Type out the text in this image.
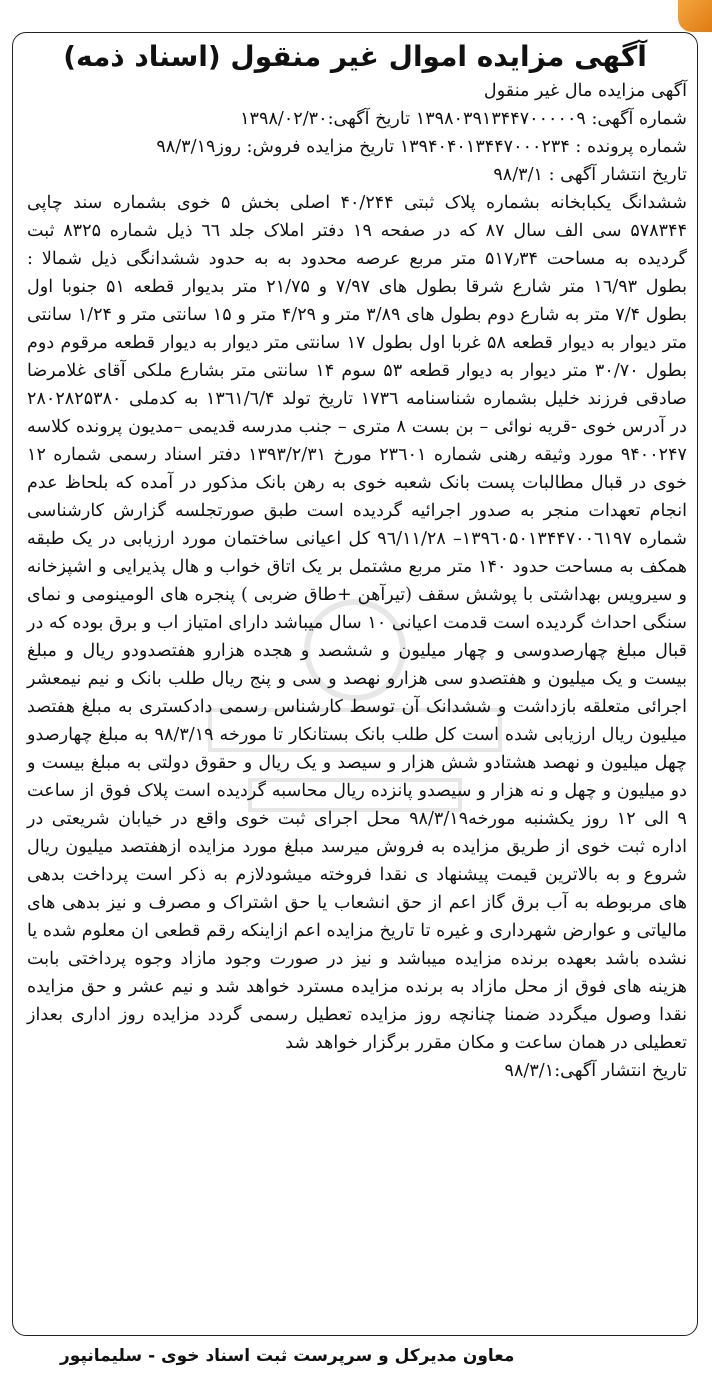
آگهی مزایده اموال غیر منقول (اسناد ذمه)

آگهی مزایده مال غیر منقول

شماره آگهی: ۱۳۹۸۰۳۹۱۳۴۴۷۰۰۰۰۰۹ تاریخ آگهی:۱۳۹۸/۰۲/۳۰

شماره پرونده : ۱۳۹۴۰۴۰۱۳۴۴۷۰۰۰۲۳۴ تاریخ مزایده فروش: روز۹۸/۳/۱۹

تاریخ انتشار آگهی : ۹۸/۳/۱

ششدانگ یکبابخانه بشماره پلاک ثبتی ۴۰/۲۴۴ اصلی بخش ۵ خوی بشماره سند چاپی ۵۷۸۳۴۴ سی الف سال ۸۷ که در صفحه ۱۹ دفتر املاک جلد ٦٦ ذیل شماره ۸۳۲۵ ثبت گردیده به مساحت ۵۱۷٫۳۴ متر مربع عرصه محدود به به حدود ششدانگی ذیل شمالا : بطول ۱٦/۹۳ متر شارع شرقا بطول های ۷/۹۷ و ۲۱/۷۵ متر بدیوار قطعه ۵۱ جنوبا اول بطول ۷/۴ متر به شارع دوم بطول های ۳/۸۹ متر و ۴/۲۹ متر و ۱۵ سانتی متر و ۱/۲۴ سانتی متر دیوار به دیوار قطعه ۵۸ غربا اول بطول ۱۷ سانتی متر دیوار به دیوار قطعه مرقوم دوم بطول ۳۰/۷۰ متر دیوار به دیوار قطعه ۵۳ سوم ۱۴ سانتی متر بشارع ملکی آقای غلامرضا صادقی فرزند خلیل بشماره شناسنامه ۱۷۳٦ تاریخ تولد ۱۳٦۱/٦/۴ به کدملی ۲۸۰۲۸۲۵۳۸۰ در آدرس خوی -قریه نوائی – بن بست ۸ متری – جنب مدرسه قدیمی –مدیون پرونده کلاسه ۹۴۰۰۲۴۷ مورد وثیقه رهنی شماره ۲۳٦۰۱ مورخ ۱۳۹۳/۲/۳۱ دفتر اسناد رسمی شماره ۱۲ خوی در قبال مطالبات پست بانک شعبه خوی به رهن بانک مذکور در آمده که بلحاظ عدم انجام تعهدات منجر به صدور اجرائیه گردیده است طبق صورتجلسه گزارش کارشناسی شماره ۱۳۹٦۰۵۰۱۳۴۴۷۰۰٦۱۹۷– ۹٦/۱۱/۲۸ کل اعیانی ساختمان مورد ارزیابی در یک طبقه همکف به مساحت حدود ۱۴۰ متر مربع مشتمل بر یک اتاق خواب و هال پذیرایی و اشپزخانه و سیرویس بهداشتی با پوشش سقف (تیرآهن +طاق ضربی ) پنجره های الومینومی و نمای سنگی احداث گردیده است قدمت اعیانی ۱۰ سال میباشد دارای امتیاز اب و برق بوده که در قبال مبلغ چهارصدوسی و چهار میلیون و ششصد و هجده هزارو هفتصدودو ریال و مبلغ بیست و یک میلیون و هفتصدو سی هزارو نهصد و سی و پنج ریال طلب بانک و نیم نیمعشر اجرائی متعلقه بازداشت و ششدانک آن توسط کارشناس رسمی دادکستری به مبلغ هفتصد میلیون ریال ارزیابی شده است کل طلب بانک بستانکار تا مورخه ۹۸/۳/۱۹ به مبلغ چهارصدو چهل میلیون و نهصد هشتادو شش هزار و سیصد و یک ریال و حقوق دولتی به مبلغ بیست و دو میلیون و چهل و نه هزار و سیصدو پانزده ریال محاسبه گردیده است پلاک فوق از ساعت ۹ الی ۱۲ روز یکشنبه مورخه۹۸/۳/۱۹ محل اجرای ثبت خوی واقع در خیابان شریعتی در اداره ثبت خوی از طریق مزایده به فروش میرسد مبلغ مورد مزایده ازهفتصد میلیون ریال شروع و به بالاترین قیمت پیشنهاد ی نقدا فروخته میشودلازم به ذکر است پرداخت بدهی های مربوطه به آب برق گاز اعم از حق انشعاب یا حق اشتراک و مصرف و نیز بدهی های مالیاتی و عوارض شهرداری و غیره تا تاریخ مزایده اعم ازاینکه رقم قطعی ان معلوم شده یا نشده باشد بعهده برنده مزایده میباشد و نیز در صورت وجود مازاد وجوه پرداختی بابت هزینه های فوق از محل مازاد به برنده مزایده مسترد خواهد شد و نیم عشر و حق مزایده نقدا وصول میگردد ضمنا چنانچه روز مزایده تعطیل رسمی گردد مزایده روز اداری بعداز تعطیلی در همان ساعت و مکان مقرر برگزار خواهد شد

تاریخ انتشار آگهی:۹۸/۳/۱

معاون مدیرکل و سرپرست ثبت اسناد خوی - سلیمانپور
